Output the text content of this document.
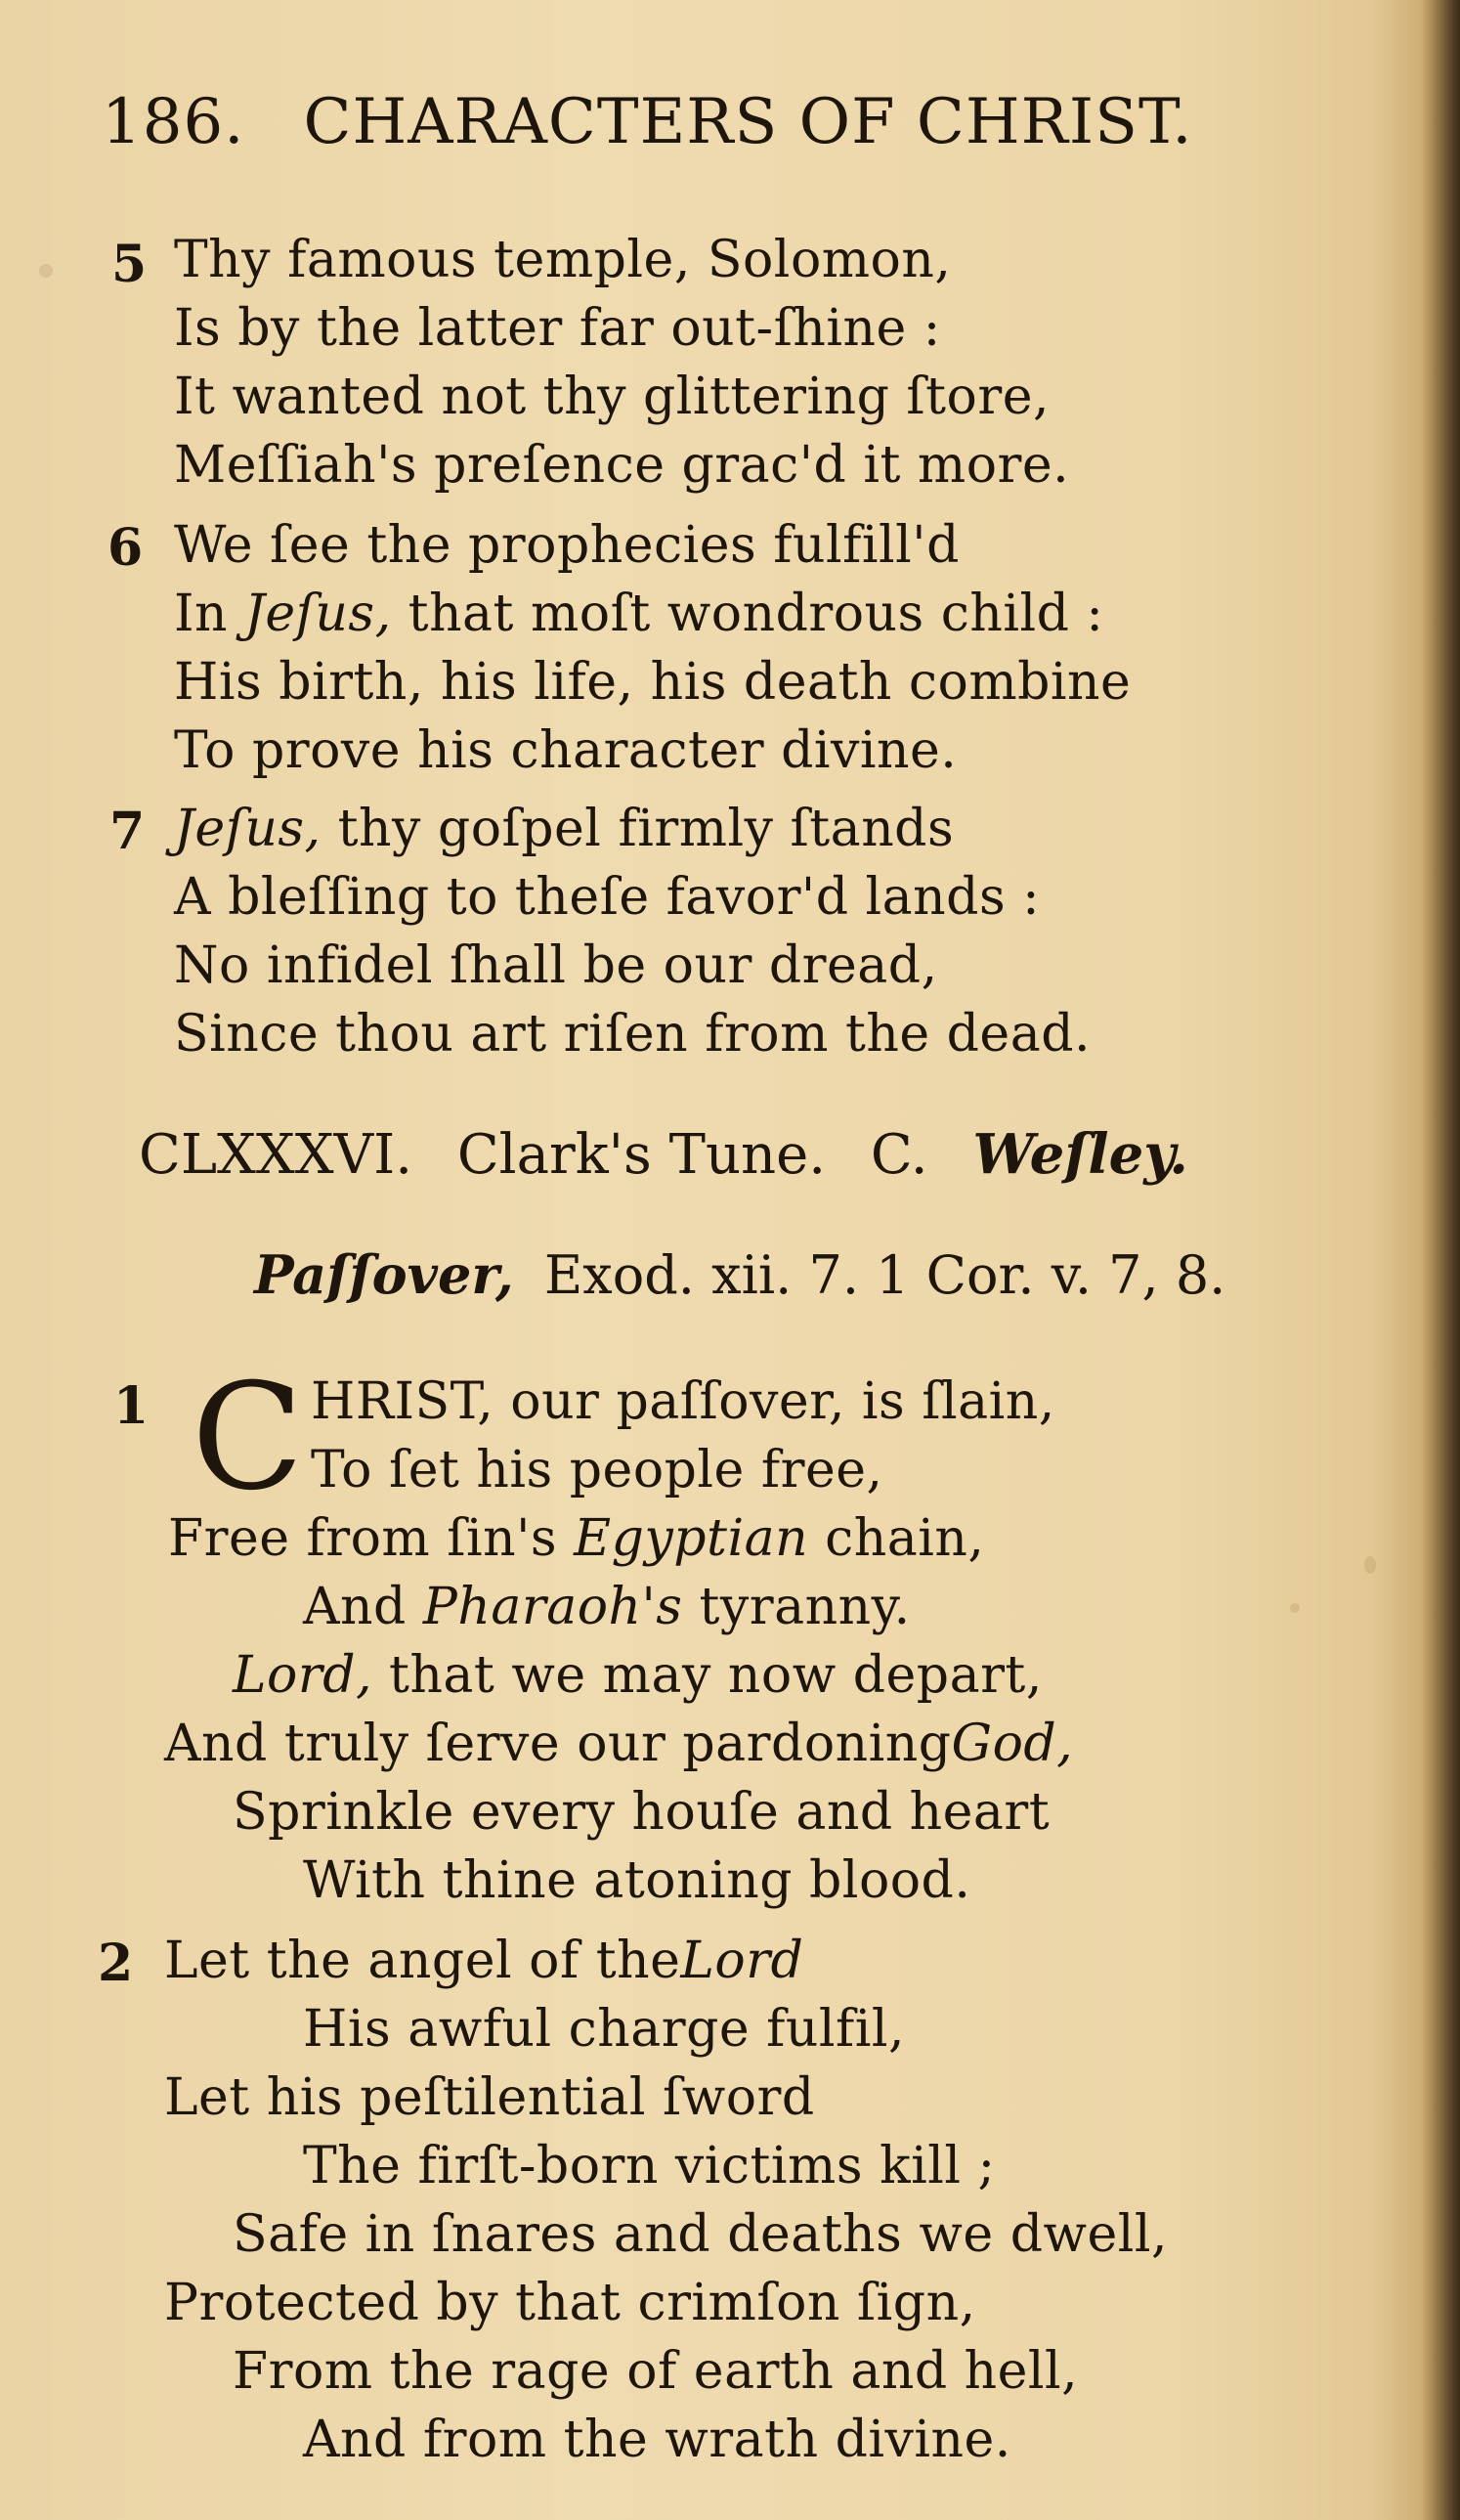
186. CHARACTERS OF CHRIST.
5 Thy famous temple, Solomon,
Is by the latter far out-ſhine :
It wanted not thy glittering ſtore,
Meſſiah's preſence grac'd it more.
6 We ſee the prophecies fulfill'd
In Jeſus, that moſt wondrous child :
His birth, his life, his death combine
To prove his character divine.
7 Jeſus, thy goſpel firmly ſtands
A bleſſing to theſe favor'd lands :
No infidel ſhall be our dread,
Since thou art riſen from the dead.
CLXXXVI. Clark's Tune. C. Weſley.
Paſſover, Exod. xii. 7. 1 Cor. v. 7, 8.
1 C HRIST, our paſſover, is ſlain,
To ſet his people free,
Free from ſin's Egyptian chain,
And Pharaoh's tyranny.
Lord, that we may now depart,
And truly ſerve our pardoningGod,
Sprinkle every houſe and heart
With thine atoning blood.
2 Let the angel of theLord
His awful charge fulfil,
Let his peſtilential ſword
The firſt-born victims kill ;
Safe in ſnares and deaths we dwell,
Protected by that crimſon ſign,
From the rage of earth and hell,
And from the wrath divine.
